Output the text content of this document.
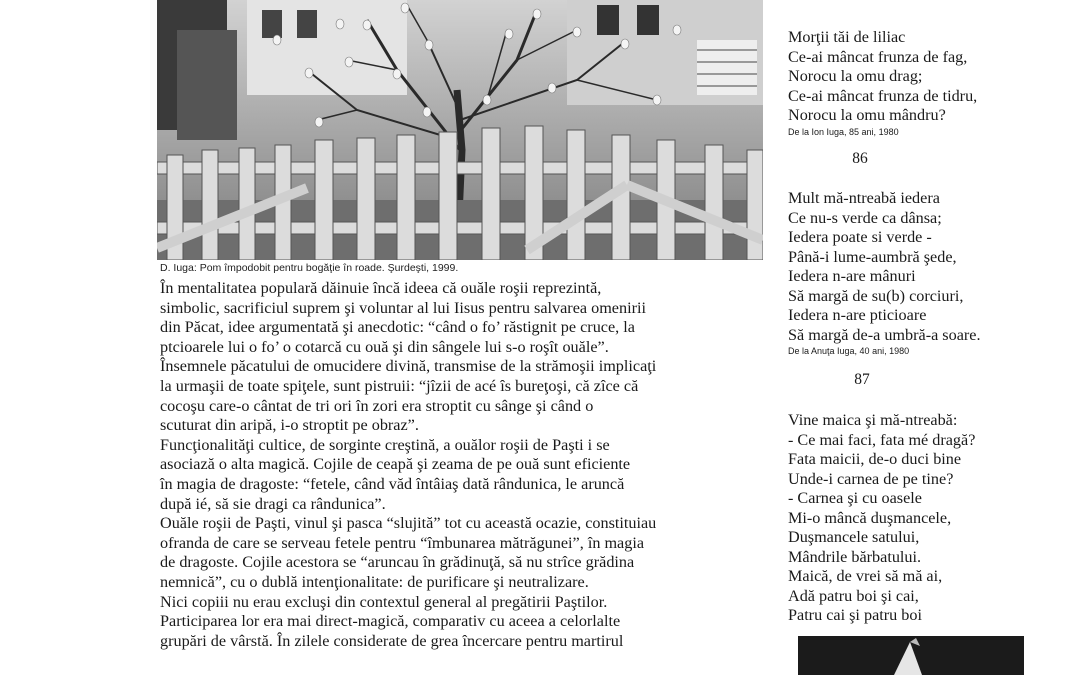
D. Iuga: Pom împodobit pentru bogăţie în roade. Şurdeşti, 1999.
În mentalitatea populară dăinuie încă ideea că ouăle roşii reprezintă,
simbolic, sacrificiul suprem şi voluntar al lui Iisus pentru salvarea omenirii
din Păcat, idee argumentată şi anecdotic: “când o fo’ răstignit pe cruce, la
ptcioarele lui o fo’ o cotarcă cu ouă şi din sângele lui s-o roşît ouăle”.
Însemnele păcatului de omucidere divină, transmise de la strămoşii implicaţi
la urmaşii de toate spiţele, sunt pistruii: “jîzii de acé îs bureţoşi, că zîce că
cocoşu care-o cântat de tri ori în zori era stroptit cu sânge şi când o
scuturat din aripă, i-o stroptit pe obraz”.
Funcţionalităţi cultice, de sorginte creştină, a ouălor roşii de Paşti i se
asociază o alta magică. Cojile de ceapă şi zeama de pe ouă sunt eficiente
în magia de dragoste: “fetele, când văd întâiaş dată rândunica, le aruncă
după ié, să sie dragi ca rândunica”.
Ouăle roşii de Paşti, vinul şi pasca “slujită” tot cu această ocazie, constituiau
ofranda de care se serveau fetele pentru “îmbunarea mătrăgunei”, în magia
de dragoste. Cojile acestora se “aruncau în grădinuţă, să nu strîce grădina
nemnică”, cu o dublă intenţionalitate: de purificare şi neutralizare.
Nici copiii nu erau excluşi din contextul general al pregătirii Paştilor.
Participarea lor era mai direct-magică, comparativ cu aceea a celorlalte
grupări de vârstă. În zilele considerate de grea încercare pentru martirul
Morţii tăi de liliac
Ce-ai mâncat frunza de fag,
Norocu la omu drag;
Ce-ai mâncat frunza de tidru,
Norocu la omu mândru?
De la Ion Iuga, 85 ani, 1980
86
Mult mă-ntreabă iedera
Ce nu-s verde ca dânsa;
Iedera poate si verde -
Până-i lume-aumbră şede,
Iedera n-are mânuri
Să margă de su(b) corciuri,
Iedera n-are pticioare
Să margă de-a umbră-a soare.
De la Anuţa Iuga, 40 ani, 1980
87
Vine maica şi mă-ntreabă:
- Ce mai faci, fata mé dragă?
Fata maicii, de-o duci bine
Unde-i carnea de pe tine?
- Carnea şi cu oasele
Mi-o mâncă duşmancele,
Duşmancele satului,
Mândrile bărbatului.
Maică, de vrei să mă ai,
Adă patru boi şi cai,
Patru cai şi patru boi
